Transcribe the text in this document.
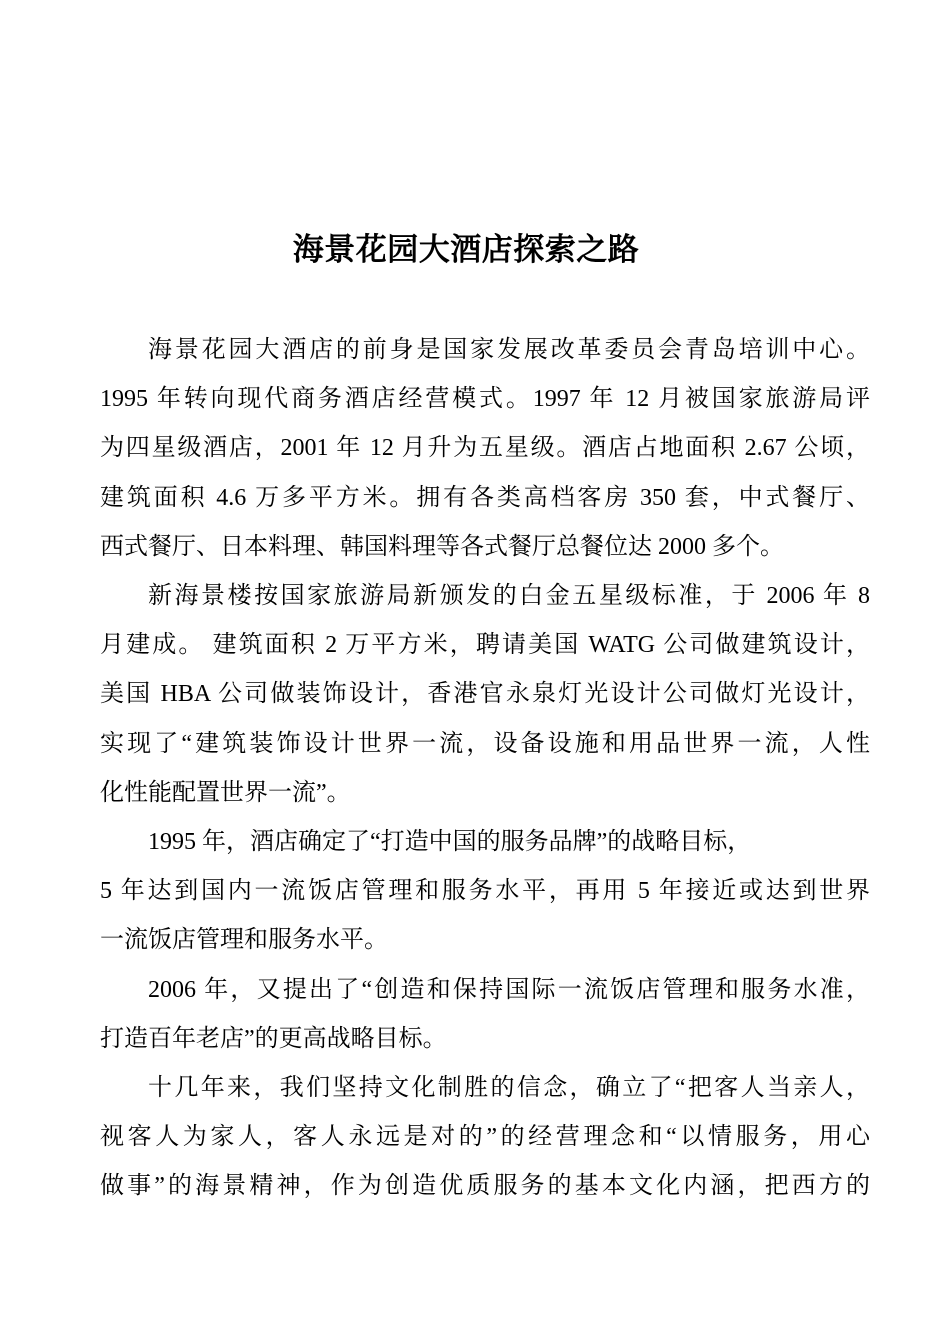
海景花园大酒店探索之路

海景花园大酒店的前身是国家发展改革委员会青岛培训中心。
1995 年转向现代商务酒店经营模式。1997 年 12 月被国家旅游局评
为四星级酒店，2001 年 12 月升为五星级。酒店占地面积 2.67 公顷，
建筑面积 4.6 万多平方米。拥有各类高档客房 350 套，中式餐厅、
西式餐厅、日本料理、韩国料理等各式餐厅总餐位达 2000 多个。

新海景楼按国家旅游局新颁发的白金五星级标准，于 2006 年 8
月建成。 建筑面积 2 万平方米，聘请美国 WATG 公司做建筑设计，
美国 HBA 公司做装饰设计，香港官永泉灯光设计公司做灯光设计，
实现了“建筑装饰设计世界一流，设备设施和用品世界一流，人性
化性能配置世界一流”。

1995 年，酒店确定了“打造中国的服务品牌”的战略目标，
5 年达到国内一流饭店管理和服务水平，再用 5 年接近或达到世界
一流饭店管理和服务水平。

2006 年，又提出了“创造和保持国际一流饭店管理和服务水准，
打造百年老店”的更高战略目标。

十几年来，我们坚持文化制胜的信念，确立了“把客人当亲人，
视客人为家人，客人永远是对的”的经营理念和“以情服务，用心
做事”的海景精神，作为创造优质服务的基本文化内涵，把西方的
